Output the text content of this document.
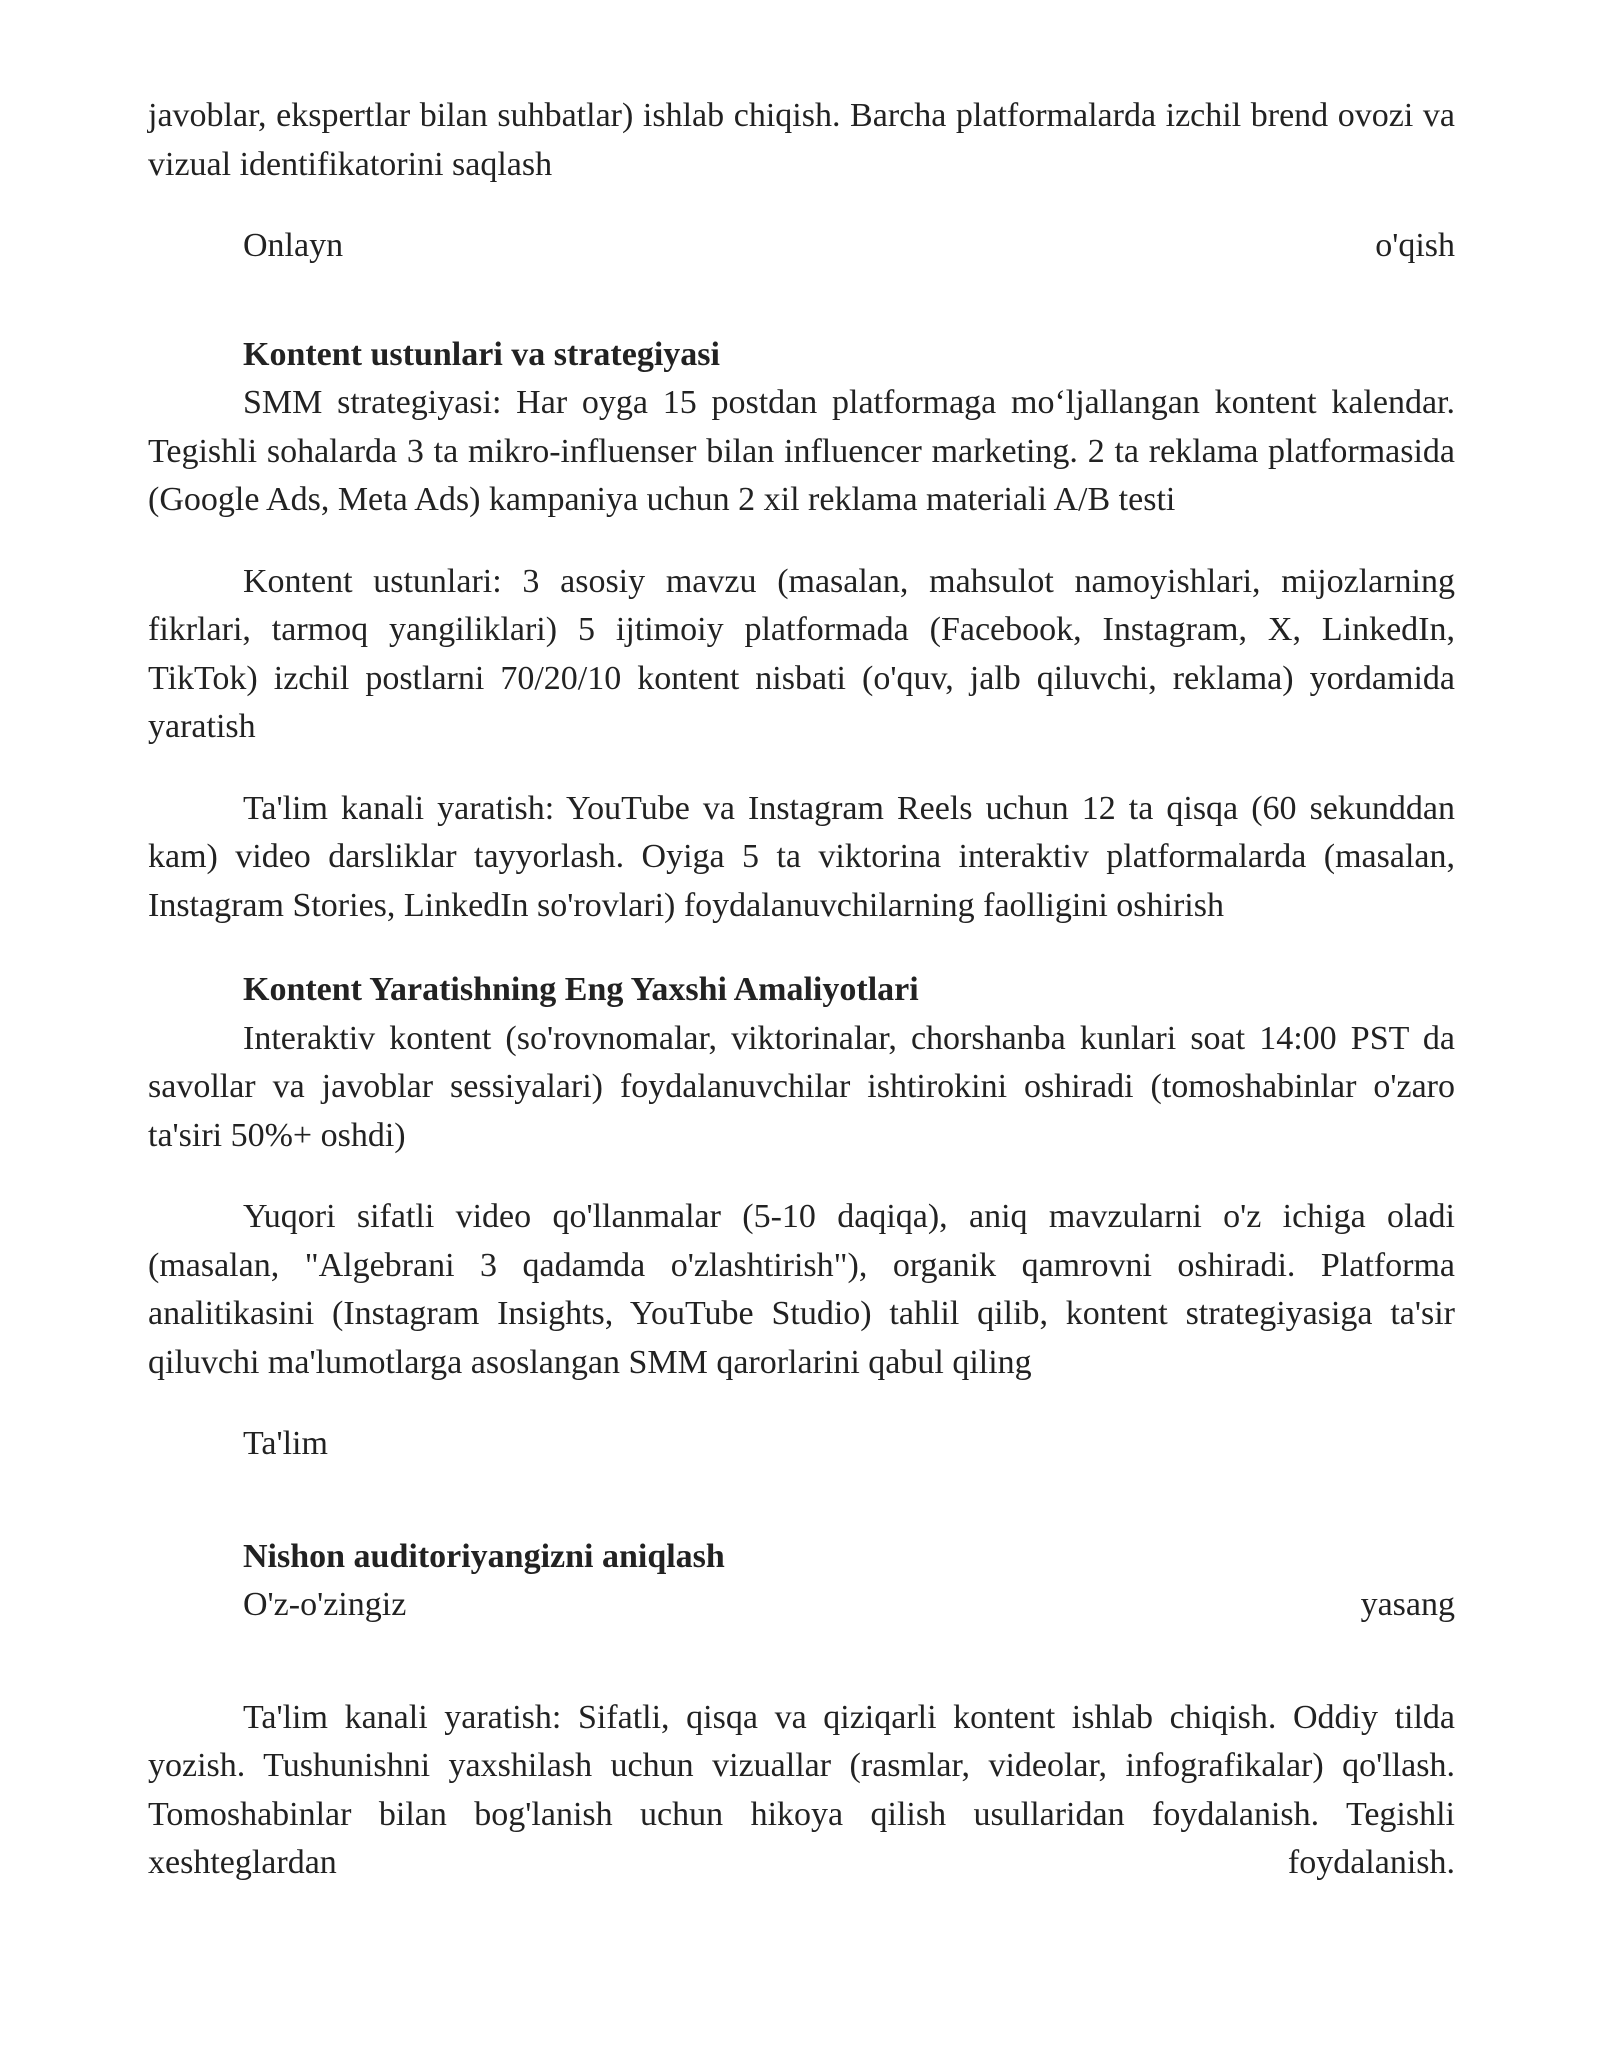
javoblar, ekspertlar bilan suhbatlar) ishlab chiqish. Barcha platformalarda izchil brend ovozi va vizual identifikatorini saqlash

Onlayn	o'qish

Kontent ustunlari va strategiyasi

SMM strategiyasi: Har oyga 15 postdan platformaga moʻljallangan kontent kalendar. Tegishli sohalarda 3 ta mikro-influenser bilan influencer marketing. 2 ta reklama platformasida (Google Ads, Meta Ads) kampaniya uchun 2 xil reklama materiali A/B testi

Kontent ustunlari: 3 asosiy mavzu (masalan, mahsulot namoyishlari, mijozlarning fikrlari, tarmoq yangiliklari) 5 ijtimoiy platformada (Facebook, Instagram, X, LinkedIn, TikTok) izchil postlarni 70/20/10 kontent nisbati (o'quv, jalb qiluvchi, reklama) yordamida yaratish

Ta'lim kanali yaratish: YouTube va Instagram Reels uchun 12 ta qisqa (60 sekunddan kam) video darsliklar tayyorlash. Oyiga 5 ta viktorina interaktiv platformalarda (masalan, Instagram Stories, LinkedIn so'rovlari) foydalanuvchilarning faolligini oshirish

Kontent Yaratishning Eng Yaxshi Amaliyotlari

Interaktiv kontent (so'rovnomalar, viktorinalar, chorshanba kunlari soat 14:00 PST da savollar va javoblar sessiyalari) foydalanuvchilar ishtirokini oshiradi (tomoshabinlar o'zaro ta'siri 50%+ oshdi)

Yuqori sifatli video qo'llanmalar (5-10 daqiqa), aniq mavzularni o'z ichiga oladi (masalan, "Algebrani 3 qadamda o'zlashtirish"), organik qamrovni oshiradi. Platforma analitikasini (Instagram Insights, YouTube Studio) tahlil qilib, kontent strategiyasiga ta'sir qiluvchi ma'lumotlarga asoslangan SMM qarorlarini qabul qiling

Ta'lim

Nishon auditoriyangizni aniqlash

O'z-o'zingiz	yasang

Ta'lim kanali yaratish: Sifatli, qisqa va qiziqarli kontent ishlab chiqish. Oddiy tilda yozish. Tushunishni yaxshilash uchun vizuallar (rasmlar, videolar, infografikalar) qo'llash. Tomoshabinlar bilan bog'lanish uchun hikoya qilish usullaridan foydalanish. Tegishli xeshteglardan foydalanish.
